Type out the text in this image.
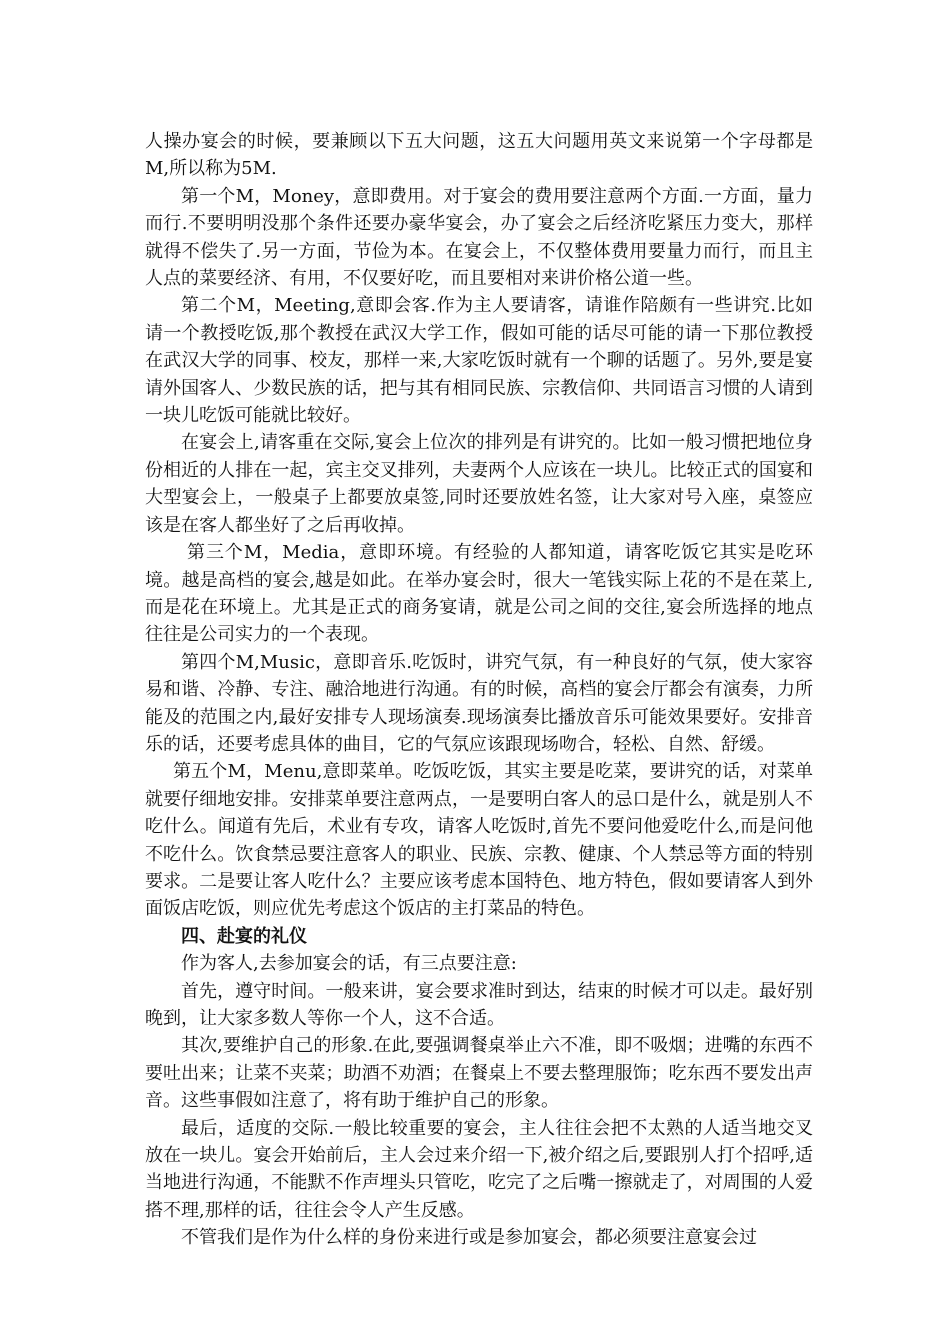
人操办宴会的时候，要兼顾以下五大问题，这五大问题用英文来说第一个字母都是M,所以称为5M.

第一个M，Money，意即费用。对于宴会的费用要注意两个方面.一方面，量力而行.不要明明没那个条件还要办豪华宴会，办了宴会之后经济吃紧压力变大，那样就得不偿失了.另一方面，节俭为本。在宴会上，不仅整体费用要量力而行，而且主人点的菜要经济、有用，不仅要好吃，而且要相对来讲价格公道一些。

第二个M，Meeting,意即会客.作为主人要请客，请谁作陪颇有一些讲究.比如请一个教授吃饭,那个教授在武汉大学工作，假如可能的话尽可能的请一下那位教授在武汉大学的同事、校友，那样一来,大家吃饭时就有一个聊的话题了。另外,要是宴请外国客人、少数民族的话，把与其有相同民族、宗教信仰、共同语言习惯的人请到一块儿吃饭可能就比较好。

在宴会上,请客重在交际,宴会上位次的排列是有讲究的。比如一般习惯把地位身份相近的人排在一起，宾主交叉排列，夫妻两个人应该在一块儿。比较正式的国宴和大型宴会上，一般桌子上都要放桌签,同时还要放姓名签，让大家对号入座，桌签应该是在客人都坐好了之后再收掉。

第三个M，Media，意即环境。有经验的人都知道，请客吃饭它其实是吃环境。越是高档的宴会,越是如此。在举办宴会时，很大一笔钱实际上花的不是在菜上,而是花在环境上。尤其是正式的商务宴请，就是公司之间的交往,宴会所选择的地点往往是公司实力的一个表现。

第四个M,Music，意即音乐.吃饭时，讲究气氛，有一种良好的气氛，使大家容易和谐、冷静、专注、融洽地进行沟通。有的时候，高档的宴会厅都会有演奏，力所能及的范围之内,最好安排专人现场演奏.现场演奏比播放音乐可能效果要好。安排音乐的话，还要考虑具体的曲目，它的气氛应该跟现场吻合，轻松、自然、舒缓。

第五个M，Menu,意即菜单。吃饭吃饭，其实主要是吃菜，要讲究的话，对菜单就要仔细地安排。安排菜单要注意两点，一是要明白客人的忌口是什么，就是别人不吃什么。闻道有先后，术业有专攻，请客人吃饭时,首先不要问他爱吃什么,而是问他不吃什么。饮食禁忌要注意客人的职业、民族、宗教、健康、个人禁忌等方面的特别要求。二是要让客人吃什么？主要应该考虑本国特色、地方特色，假如要请客人到外面饭店吃饭，则应优先考虑这个饭店的主打菜品的特色。

四、赴宴的礼仪

作为客人,去参加宴会的话，有三点要注意:

首先，遵守时间。一般来讲，宴会要求准时到达，结束的时候才可以走。最好别晚到，让大家多数人等你一个人，这不合适。

其次,要维护自己的形象.在此,要强调餐桌举止六不准，即不吸烟；进嘴的东西不要吐出来；让菜不夹菜；助酒不劝酒；在餐桌上不要去整理服饰；吃东西不要发出声音。这些事假如注意了，将有助于维护自己的形象。

最后，适度的交际.一般比较重要的宴会，主人往往会把不太熟的人适当地交叉放在一块儿。宴会开始前后，主人会过来介绍一下,被介绍之后,要跟别人打个招呼,适当地进行沟通，不能默不作声埋头只管吃，吃完了之后嘴一擦就走了，对周围的人爱搭不理,那样的话，往往会令人产生反感。

不管我们是作为什么样的身份来进行或是参加宴会，都必须要注意宴会过
